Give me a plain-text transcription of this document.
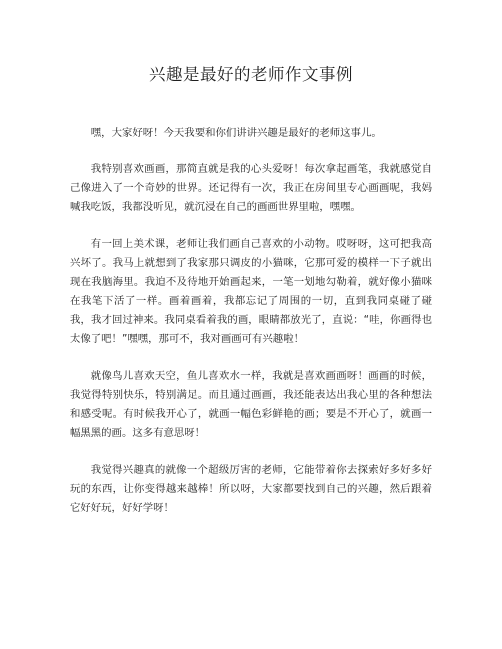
兴趣是最好的老师作文事例

嘿，大家好呀！今天我要和你们讲讲兴趣是最好的老师这事儿。

我特别喜欢画画，那简直就是我的心头爱呀！每次拿起画笔，我就感觉自己像进入了一个奇妙的世界。还记得有一次，我正在房间里专心画画呢，我妈喊我吃饭，我都没听见，就沉浸在自己的画画世界里啦，嘿嘿。

有一回上美术课，老师让我们画自己喜欢的小动物。哎呀呀，这可把我高兴坏了。我马上就想到了我家那只调皮的小猫咪，它那可爱的模样一下子就出现在我脑海里。我迫不及待地开始画起来，一笔一划地勾勒着，就好像小猫咪在我笔下活了一样。画着画着，我都忘记了周围的一切，直到我同桌碰了碰我，我才回过神来。我同桌看着我的画，眼睛都放光了，直说：“哇，你画得也太像了吧！”嘿嘿，那可不，我对画画可有兴趣啦！

就像鸟儿喜欢天空，鱼儿喜欢水一样，我就是喜欢画画呀！画画的时候，我觉得特别快乐，特别满足。而且通过画画，我还能表达出我心里的各种想法和感受呢。有时候我开心了，就画一幅色彩鲜艳的画；要是不开心了，就画一幅黑黑的画。这多有意思呀！

我觉得兴趣真的就像一个超级厉害的老师，它能带着你去探索好多好多好玩的东西，让你变得越来越棒！所以呀，大家都要找到自己的兴趣，然后跟着它好好玩，好好学呀！
